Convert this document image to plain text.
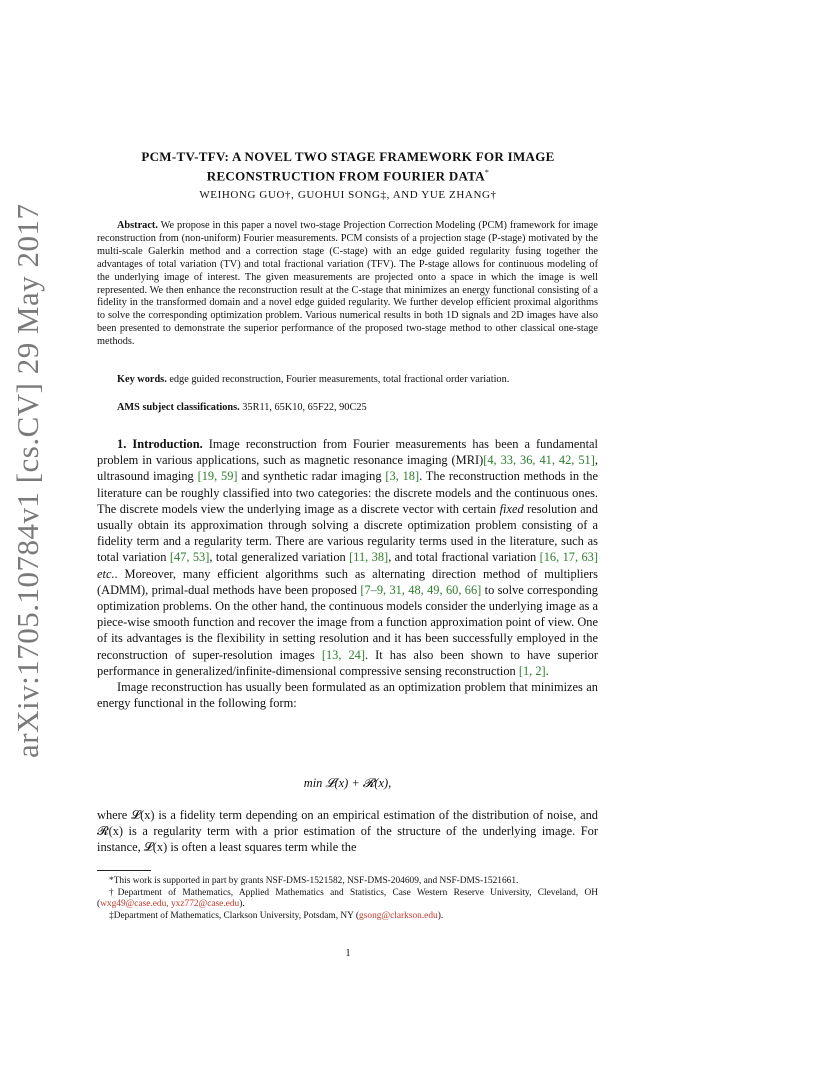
arXiv:1705.10784v1 [cs.CV] 29 May 2017
PCM-TV-TFV: A NOVEL TWO STAGE FRAMEWORK FOR IMAGE
RECONSTRUCTION FROM FOURIER DATA*
WEIHONG GUO†, GUOHUI SONG‡, AND YUE ZHANG†
Abstract. We propose in this paper a novel two-stage Projection Correction Modeling (PCM) framework for image reconstruction from (non-uniform) Fourier measurements. PCM consists of a projection stage (P-stage) motivated by the multi-scale Galerkin method and a correction stage (C-stage) with an edge guided regularity fusing together the advantages of total variation (TV) and total fractional variation (TFV). The P-stage allows for continuous modeling of the underlying image of interest. The given measurements are projected onto a space in which the image is well represented. We then enhance the reconstruction result at the C-stage that minimizes an energy functional consisting of a fidelity in the transformed domain and a novel edge guided regularity. We further develop efficient proximal algorithms to solve the corresponding optimization problem. Various numerical results in both 1D signals and 2D images have also been presented to demonstrate the superior performance of the proposed two-stage method to other classical one-stage methods.
Key words. edge guided reconstruction, Fourier measurements, total fractional order variation.
AMS subject classifications. 35R11, 65K10, 65F22, 90C25

1. Introduction. Image reconstruction from Fourier measurements has been a fundamental problem in various applications, such as magnetic resonance imaging (MRI)[4, 33, 36, 41, 42, 51], ultrasound imaging [19, 59] and synthetic radar imaging [3, 18]. The reconstruction methods in the literature can be roughly classified into two categories: the discrete models and the continuous ones. The discrete models view the underlying image as a discrete vector with certain fixed resolution and usually obtain its approximation through solving a discrete optimization problem consisting of a fidelity term and a regularity term. There are various regularity terms used in the literature, such as total variation [47, 53], total generalized variation [11, 38], and total fractional variation [16, 17, 63] etc.. Moreover, many efficient algorithms such as alternating direction method of multipliers (ADMM), primal-dual methods have been proposed [7–9, 31, 48, 49, 60, 66] to solve corresponding optimization problems. On the other hand, the continuous models consider the underlying image as a piece-wise smooth function and recover the image from a function approximation point of view. One of its advantages is the flexibility in setting resolution and it has been successfully employed in the reconstruction of super-resolution images [13, 24]. It has also been shown to have superior performance in generalized/infinite-dimensional compressive sensing reconstruction [1, 2].

Image reconstruction has usually been formulated as an optimization problem that minimizes an energy functional in the following form:

min 𝓛(x) + 𝓡(x),

where 𝓛(x) is a fidelity term depending on an empirical estimation of the distribution of noise, and 𝓡(x) is a regularity term with a prior estimation of the structure of the underlying image. For instance, 𝓛(x) is often a least squares term while the

*This work is supported in part by grants NSF-DMS-1521582, NSF-DMS-204609, and NSF-DMS-1521661.

†Department of Mathematics, Applied Mathematics and Statistics, Case Western Reserve University, Cleveland, OH (wxg49@case.edu, yxz772@case.edu).

‡Department of Mathematics, Clarkson University, Potsdam, NY (gsong@clarkson.edu).

1
